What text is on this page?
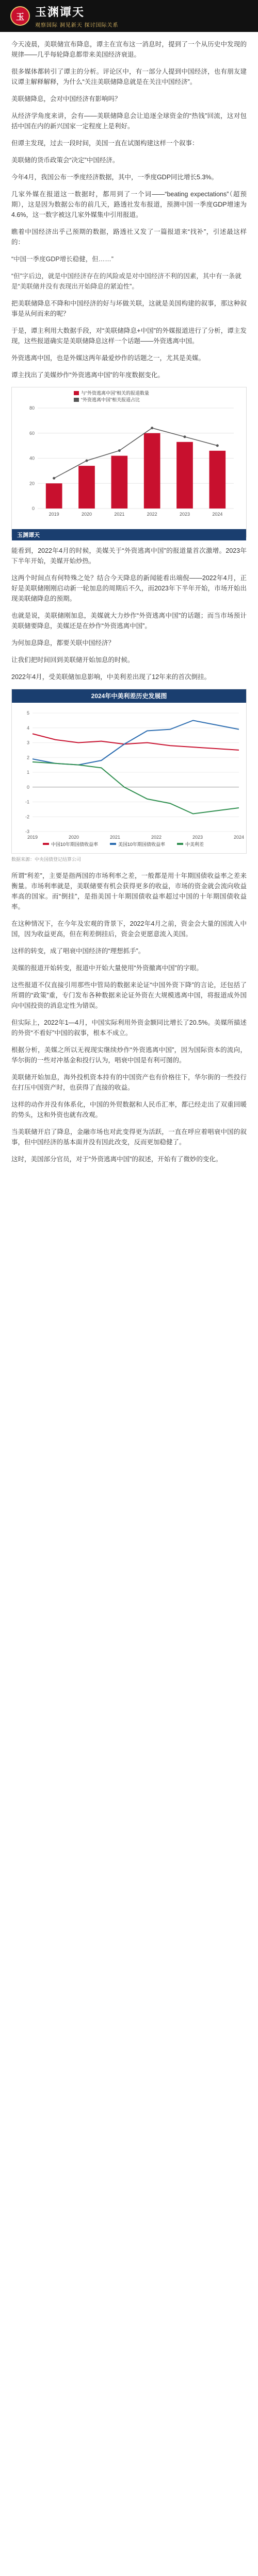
玉 玉渊谭天
观察国际 洞见新天 探讨国际关系

今天凌晨，美联储宣布降息，谭主在宣布这一消息时，提到了一个从历史中发现的规律——几乎每轮降息都带来美国经济衰退。

很多媒体都转引了谭主的分析。评论区中，有一部分人提到中国经济，也有朋友建议谭主解释解释，为什么“关注美联储降息就是在关注中国经济”。

美联储降息，会对中国经济有影响吗？

从经济学角度来讲，会有——美联储降息会让追逐全球资金的“热钱”回流，这对包括中国在内的新兴国家一定程度上是利好。

但谭主发现，过去一段时间，美国一直在试图构建这样一个叙事：

美联储的货币政策会“决定”中国经济。

今年4月，我国公布一季度经济数据，其中，一季度GDP同比增长5.3%。

几家外媒在报道这一数据时，都用到了一个词——“beating expectations”（超预期），这是因为数据公布的前几天，路透社发布报道，预测中国一季度GDP增速为4.6%，这一数字被这几家外媒集中引用报道。

瞧着中国经济出乎己预期的数据，路透社又发了一篇报道来“找补”，引述最这样的：

“中国一季度GDP增长稳健，但……”

“但”字后边，就是中国经济存在的风险或是对中国经济不利的因素，其中有一条就是“美联储并没有表现出开始降息的紧迫性”。

把美联储降息不降和中国经济的好与坏做关联，这就是美国构建的叙事，那这种叙事是从何而来的呢？

于是，谭主利用大数据手段，对“美联储降息+中国”的外媒报道进行了分析，谭主发现，这些报道确实是美联储降息这样一个话题——外资逃离中国。

外资逃离中国，也是外媒这两年最爱炒作的话题之一，尤其是美媒。

谭主找出了美媒炒作“外资逃离中国”的年度数据变化。

0
20
40
60
80
2019	2020	2021	2022	2023	2024
与“外资逃离中国”相关的报道数量
“外资逃离中国”相关报道占比
玉渊谭天

能看到，2022年4月的时候，美媒关于“外资逃离中国”的报道量首次激增。2023年下半年开始，美媒开始炒热。

这两个时间点有何特殊之处？结合今天降息的新闻能看出端倪——2022年4月，正好是美联储刚刚启动新一轮加息的周期后不久，而2023年下半年开始，市场开始出现美联储降息的预期。

也就是说，美联储刚加息，美媒就大力炒作“外资逃离中国”的话题；而当市场预计美联储要降息，美媒还是在炒作“外资逃离中国”。

为何加息降息，都要关联中国经济？

让我们把时间回到美联储开始加息的时候。

2022年4月，受美联储加息影响，中美利差出现了12年来的首次倒挂。

2024年中美利差历史发展图
-3
-2
-1
0
1
2
3
4
5
2019	2020	2021	2022	2023	2024
中国10年期国债收益率	美国10年期国债收益率	中美利差
数据来源：中央国债登记结算公司

所谓“利差”，主要是指两国的市场利率之差，一般都是用十年期国债收益率之差来衡量。市场利率就是，美联储要有机会获得更多的收益，市场的资金就会流向收益率高的国家。而“倒挂”，是指美国十年期国债收益率超过中国的十年期国债收益率。

在这种情况下，在今年及宏观的背景下，2022年4月之前，资金会大量的国流入中国，因为收益更高，但在利差倒挂后，资金会更愿意流入美国。

这样的转变，成了唱衰中国经济的“理想抓手”。

美媒的报道开始转变，报道中开始大量使用“外资撤离中国”的字眼。

这些报道不仅直接引用那些中管局的数据来论证“中国外资下降”的言论，还包括了所谓的“政策”重，专门发布各种数据来论证外资在大规模逃离中国，将报道成外国向中国投资的消息定性为错误。

但实际上，2022年1—4月，中国实际利用外资金额同比增长了20.5%。美媒所描述的外资“不看好”中国的叙事，根本不成立。

根据分析，美媒之所以无视现实继续炒作“外资逃离中国”，因为国际资本的流向，华尔街的一些对冲基金和投行认为，唱衰中国是有利可图的。

美联储开始加息，海外投机资本持有的中国资产也有价格往下，华尔街的一些投行在打压中国资产时，也获得了直接的收益。

这样的动作并没有体系化，中国的外贸数据和人民币汇率，都已经走出了双重回暖的势头，这和外资也就有改观。

当美联储开启了降息，金融市场也对此变得更为活跃，一直在呼应着唱衰中国的叙事，但中国经济的基本面并没有因此改变，反而更加稳健了。

这时，美国部分官员，对于“外资逃离中国”的叙述，开始有了微妙的变化。
